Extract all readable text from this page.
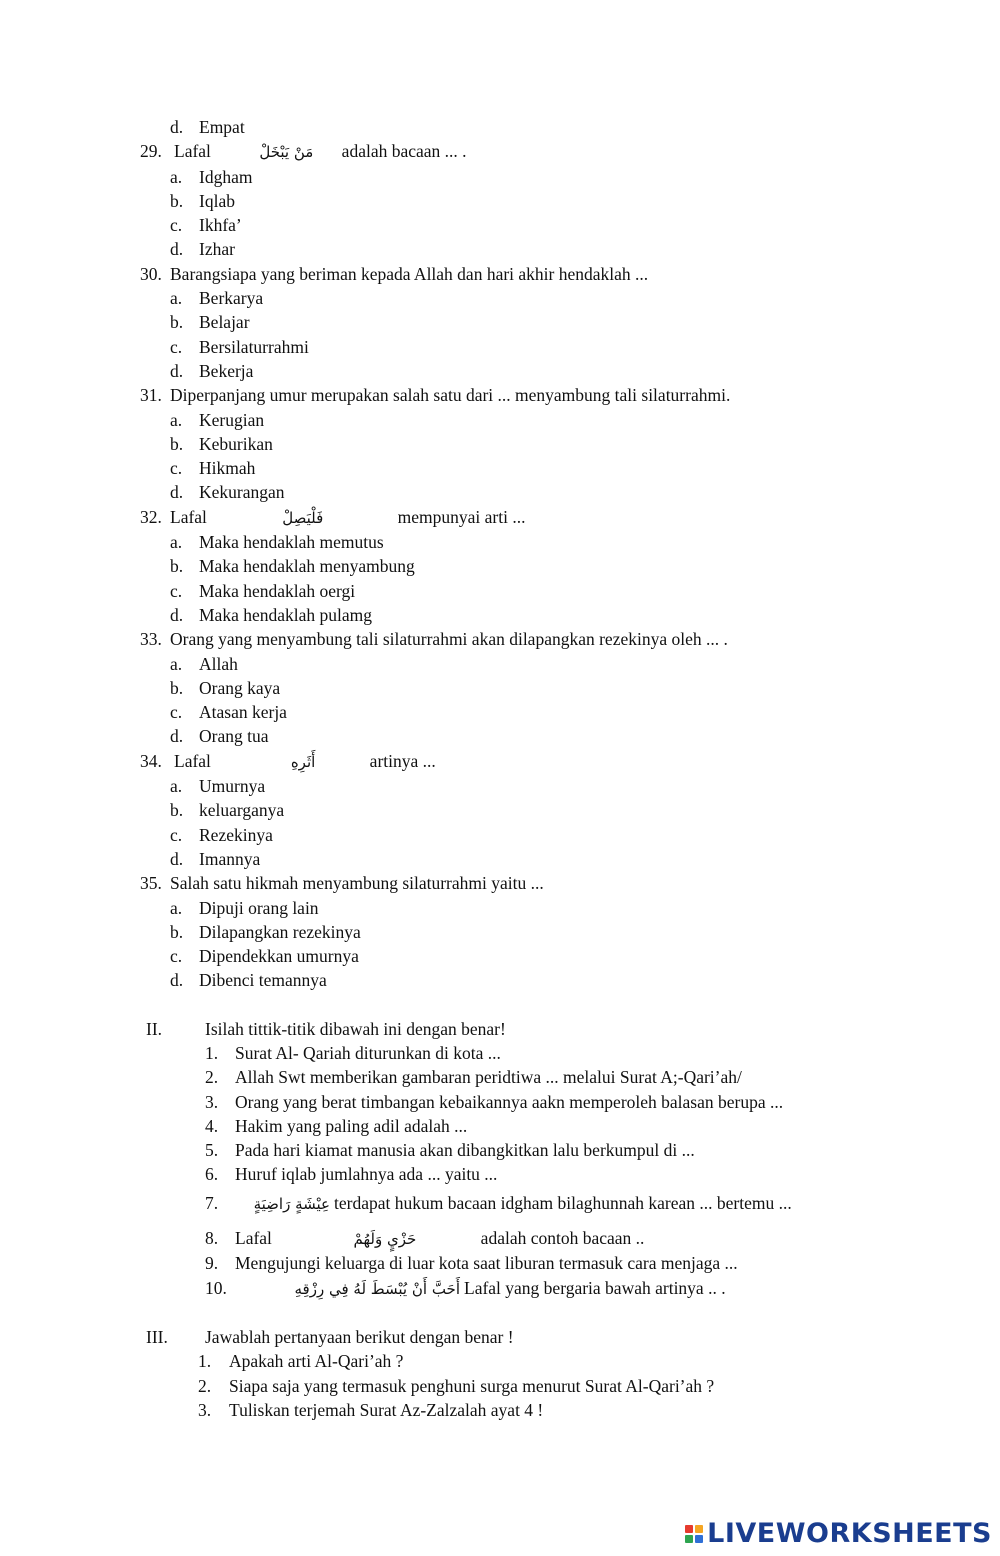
d. Empat
29. Lafal	مَنْ يَبْخَلْ adalah bacaan ... .
a. Idgham
b. Iqlab
c. Ikhfa’
d. Izhar
30. Barangsiapa yang beriman kepada Allah dan hari akhir hendaklah ...
a. Berkarya
b. Belajar
c. Bersilaturrahmi
d. Bekerja
31. Diperpanjang umur merupakan salah satu dari ... menyambung tali silaturrahmi.
a. Kerugian
b. Keburikan
c. Hikmah
d. Kekurangan
32. Lafal	فَلْيَصِلْ	mempunyai arti ...
a. Maka hendaklah memutus
b. Maka hendaklah menyambung
c. Maka hendaklah oergi
d. Maka hendaklah pulamg
33. Orang yang menyambung tali silaturrahmi akan dilapangkan rezekinya oleh ... .
a. Allah
b. Orang kaya
c. Atasan kerja
d. Orang tua
34. Lafal	أَثَرِهِ	artinya ...
a. Umurnya
b. keluarganya
c. Rezekinya
d. Imannya
35. Salah satu hikmah menyambung silaturrahmi yaitu ...
a. Dipuji orang lain
b. Dilapangkan rezekinya
c. Dipendekkan umurnya
d. Dibenci temannya
II. Isilah tittik-titik dibawah ini dengan benar!
1. Surat Al- Qariah diturunkan di kota ...
2. Allah Swt memberikan gambaran peridtiwa ... melalui Surat A;-Qari’ah/
3. Orang yang berat timbangan kebaikannya aakn memperoleh balasan berupa ...
4. Hakim yang paling adil adalah ...
5. Pada hari kiamat manusia akan dibangkitkan lalu berkumpul di ...
6. Huruf iqlab jumlahnya ada ... yaitu ...
7. عِيْشَةٍ رَاضِيَةٍ terdapat hukum bacaan idgham bilaghunnah karean ... bertemu ...
8. Lafal	حَزْيٍ وَلَهُمْ	adalah contoh bacaan ..
9. Mengujungi keluarga di luar kota saat liburan termasuk cara menjaga ...
10.	أَحَبَّ أَنْ يُبْسَطَ لَهُ فِي رِزْقِهِ Lafal yang bergaria bawah artinya .. .
III. Jawablah pertanyaan berikut dengan benar !
1. Apakah arti Al-Qari’ah ?
2. Siapa saja yang termasuk penghuni surga menurut Surat Al-Qari’ah ?
3. Tuliskan terjemah Surat Az-Zalzalah ayat 4 !
LIVEWORKSHEETS
